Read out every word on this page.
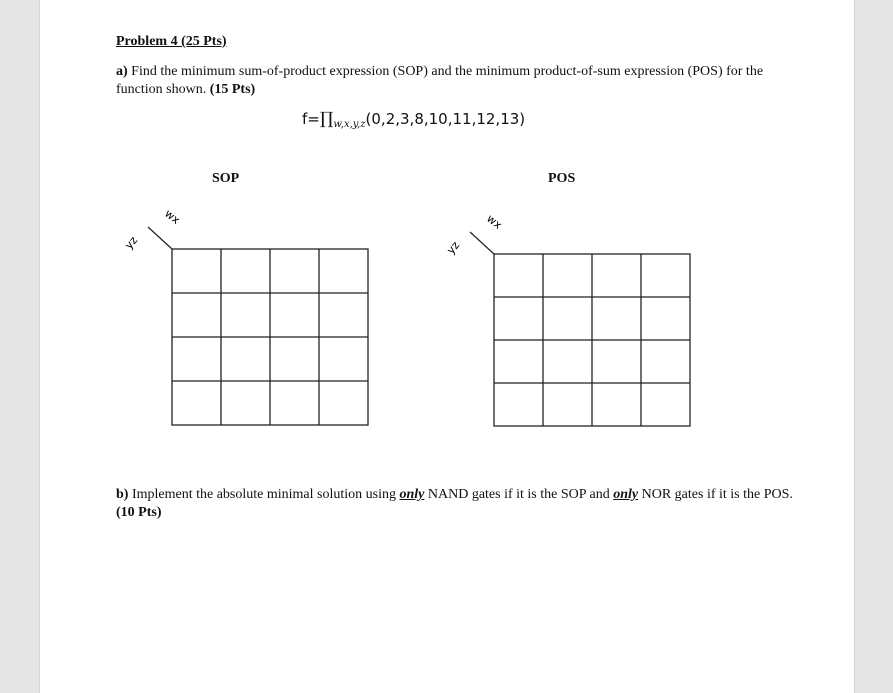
Problem 4 (25 Pts)
a) Find the minimum sum-of-product expression (SOP) and the minimum product-of-sum expression (POS) for the function shown. (15 Pts)
$f=\prod_{w,x,y,z}(0,2,3,8,10,11,12,13)$
SOP	POS
wx
yz
wx
yz
b) Implement the absolute minimal solution using only NAND gates if it is the SOP and only NOR gates if it is the POS. (10 Pts)
